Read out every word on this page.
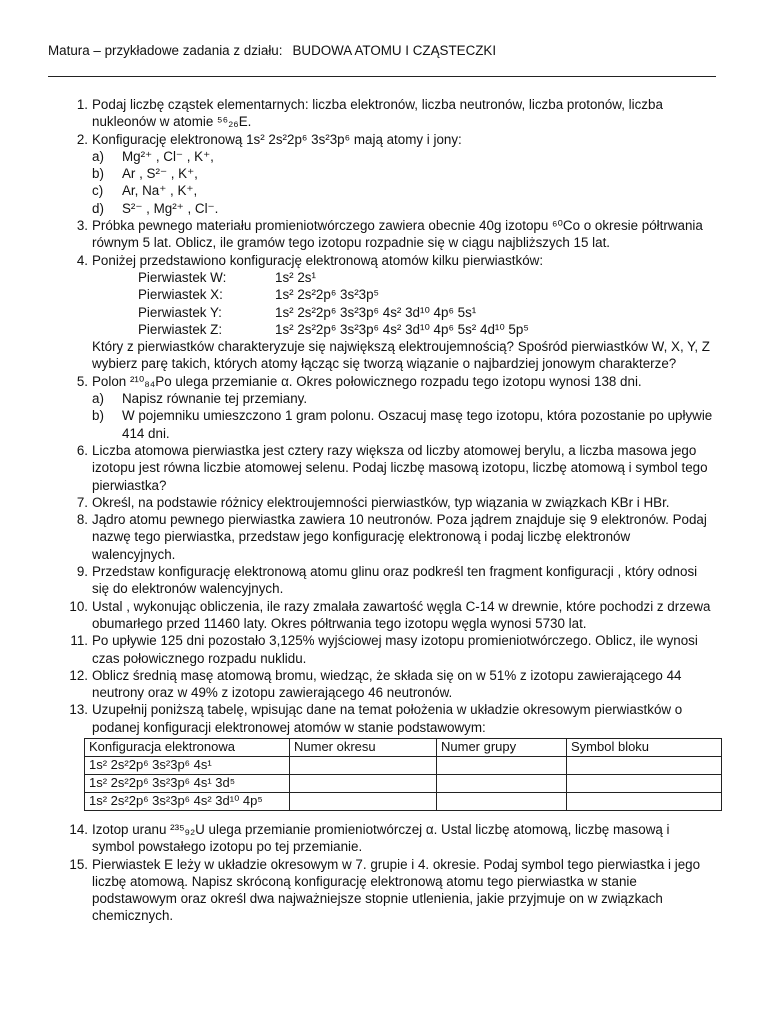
Matura – przykładowe zadania z działu: BUDOWA ATOMU I CZĄSTECZKI
1. Podaj liczbę cząstek elementarnych: liczba elektronów, liczba neutronów, liczba protonów, liczba nukleonów w atomie ⁵⁶₂₆E.
2. Konfigurację elektronową 1s² 2s²2p⁶ 3s²3p⁶ mają atomy i jony:
a)	Mg²⁺ , Cl⁻ , K⁺,
b)	Ar , S²⁻ , K⁺,
c)	Ar, Na⁺ , K⁺,
d)	S²⁻ , Mg²⁺ , Cl⁻.
3. Próbka pewnego materiału promieniotwórczego zawiera obecnie 40g izotopu ⁶⁰Co o okresie półtrwania równym 5 lat. Oblicz, ile gramów tego izotopu rozpadnie się w ciągu najbliższych 15 lat.
4. Poniżej przedstawiono konfigurację elektronową atomów kilku pierwiastków:
Pierwiastek W:	1s² 2s¹
Pierwiastek X:	1s² 2s²2p⁶ 3s²3p⁵
Pierwiastek Y:	1s² 2s²2p⁶ 3s²3p⁶ 4s² 3d¹⁰ 4p⁶ 5s¹
Pierwiastek Z:	1s² 2s²2p⁶ 3s²3p⁶ 4s² 3d¹⁰ 4p⁶ 5s² 4d¹⁰ 5p⁵
Który z pierwiastków charakteryzuje się największą elektroujemnością? Spośród pierwiastków W, X, Y, Z wybierz parę takich, których atomy łącząc się tworzą wiązanie o najbardziej jonowym charakterze?
5. Polon ²¹⁰₈₄Po ulega przemianie α. Okres połowicznego rozpadu tego izotopu wynosi 138 dni.
a)	Napisz równanie tej przemiany.
b)	W pojemniku umieszczono 1 gram polonu. Oszacuj masę tego izotopu, która pozostanie po upływie 414 dni.
6. Liczba atomowa pierwiastka jest cztery razy większa od liczby atomowej berylu, a liczba masowa jego izotopu jest równa liczbie atomowej selenu. Podaj liczbę masową izotopu, liczbę atomową i symbol tego pierwiastka?
7. Określ, na podstawie różnicy elektroujemności pierwiastków, typ wiązania w związkach KBr i HBr.
8. Jądro atomu pewnego pierwiastka zawiera 10 neutronów. Poza jądrem znajduje się 9 elektronów. Podaj nazwę tego pierwiastka, przedstaw jego konfigurację elektronową i podaj liczbę elektronów walencyjnych.
9. Przedstaw konfigurację elektronową atomu glinu oraz podkreśl ten fragment konfiguracji , który odnosi się do elektronów walencyjnych.
10. Ustal , wykonując obliczenia, ile razy zmalała zawartość węgla C-14 w drewnie, które pochodzi z drzewa obumarłego przed 11460 laty. Okres półtrwania tego izotopu węgla wynosi 5730 lat.
11. Po upływie 125 dni pozostało 3,125% wyjściowej masy izotopu promieniotwórczego. Oblicz, ile wynosi czas połowicznego rozpadu nuklidu.
12. Oblicz średnią masę atomową bromu, wiedząc, że składa się on w 51% z izotopu zawierającego 44 neutrony oraz w 49% z izotopu zawierającego 46 neutronów.
13. Uzupełnij poniższą tabelę, wpisując dane na temat położenia w układzie okresowym pierwiastków o podanej konfiguracji elektronowej atomów w stanie podstawowym:
Konfiguracja elektronowa	Numer okresu	Numer grupy	Symbol bloku
1s² 2s²2p⁶ 3s²3p⁶ 4s¹			
1s² 2s²2p⁶ 3s²3p⁶ 4s¹ 3d⁵			
1s² 2s²2p⁶ 3s²3p⁶ 4s² 3d¹⁰ 4p⁵			
14. Izotop uranu ²³⁵₉₂U ulega przemianie promieniotwórczej α. Ustal liczbę atomową, liczbę masową i symbol powstałego izotopu po tej przemianie.
15. Pierwiastek E leży w układzie okresowym w 7. grupie i 4. okresie. Podaj symbol tego pierwiastka i jego liczbę atomową. Napisz skróconą konfigurację elektronową atomu tego pierwiastka w stanie podstawowym oraz określ dwa najważniejsze stopnie utlenienia, jakie przyjmuje on w związkach chemicznych.
